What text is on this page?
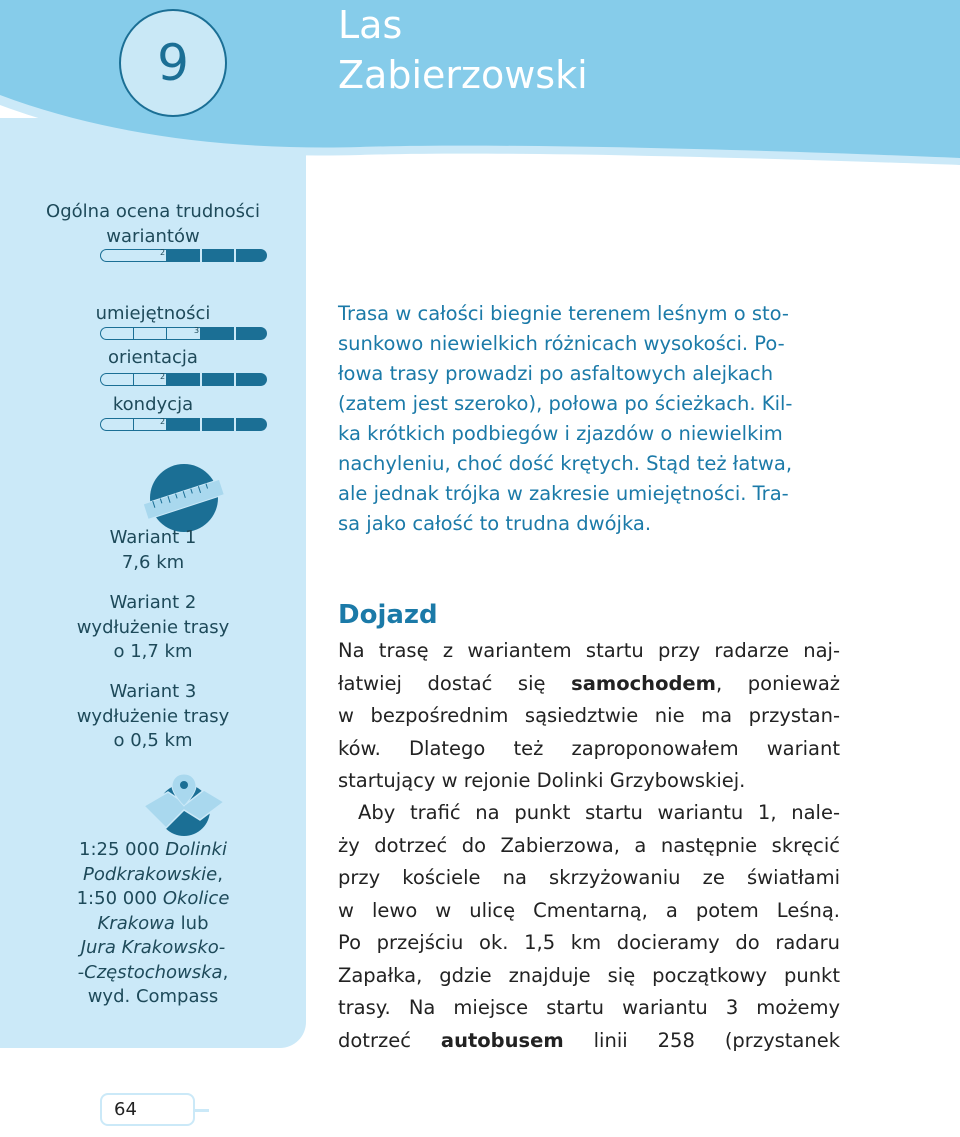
9
Las
Zabierzowski
Ogólna ocena trudności
wariantów
2
umiejętności
3
orientacja
2
kondycja
2
Wariant 1
7,6 km
Wariant 2
wydłużenie trasy
o 1,7 km
Wariant 3
wydłużenie trasy
o 0,5 km
1:25 000 Dolinki
Podkrakowskie,
1:50 000 Okolice
Krakowa lub
Jura Krakowsko-
-Częstochowska,
wyd. Compass
Trasa w całości biegnie terenem leśnym o sto-
sunkowo niewielkich różnicach wysokości. Po-
łowa trasy prowadzi po asfaltowych alejkach
(zatem jest szeroko), połowa po ścieżkach. Kil-
ka krótkich podbiegów i zjazdów o niewielkim
nachyleniu, choć dość krętych. Stąd też łatwa,
ale jednak trójka w zakresie umiejętności. Tra-
sa jako całość to trudna dwójka.
Dojazd
Na trasę z wariantem startu przy radarze naj-
łatwiej dostać się samochodem, ponieważ
w bezpośrednim sąsiedztwie nie ma przystan-
ków. Dlatego też zaproponowałem wariant
startujący w rejonie Dolinki Grzybowskiej.
Aby trafić na punkt startu wariantu 1, nale-
ży dotrzeć do Zabierzowa, a następnie skręcić
przy kościele na skrzyżowaniu ze światłami
w lewo w ulicę Cmentarną, a potem Leśną.
Po przejściu ok. 1,5 km docieramy do radaru
Zapałka, gdzie znajduje się początkowy punkt
trasy. Na miejsce startu wariantu 3 możemy
dotrzeć autobusem linii 258 (przystanek
64
